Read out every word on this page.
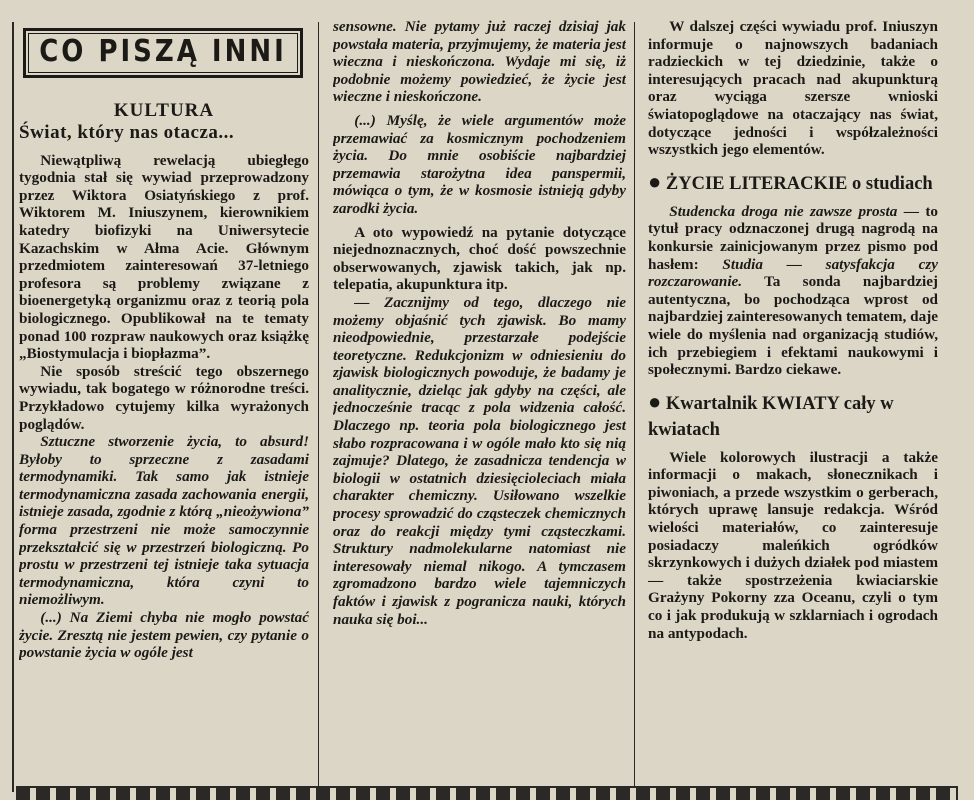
CO PISZĄ INNI
KULTURA
Świat, który nas otacza...

Niewątpliwą rewelacją ubiegłego tygodnia stał się wywiad przeprowadzony przez Wiktora Osiatyńskiego z prof. Wiktorem M. Iniuszynem, kierownikiem katedry biofizyki na Uniwersytecie Kazachskim w Ałma Acie. Głównym przedmiotem zainteresowań 37-letniego profesora są problemy związane z bioenergetyką organizmu oraz z teorią pola biologicznego. Opublikował na te tematy ponad 100 rozpraw naukowych oraz książkę „Biostymulacja i biopłazma”.

Nie sposób streścić tego obszernego wywiadu, tak bogatego w różnorodne treści. Przykładowo cytujemy kilka wyrażonych poglądów.

Sztuczne stworzenie życia, to absurd! Byłoby to sprzeczne z zasadami termodynamiki. Tak samo jak istnieje termodynamiczna zasada zachowania energii, istnieje zasada, zgodnie z którą „nieożywiona” forma przestrzeni nie może samoczynnie przekształcić się w przestrzeń biologiczną. Po prostu w przestrzeni tej istnieje taka sytuacja termodynamiczna, która czyni to niemożliwym.

(...) Na Ziemi chyba nie mogło powstać życie. Zresztą nie jestem pewien, czy pytanie o powstanie życia w ogóle jest

sensowne. Nie pytamy już raczej dzisiaj jak powstała materia, przyjmujemy, że materia jest wieczna i nieskończona. Wydaje mi się, iż podobnie możemy powiedzieć, że życie jest wieczne i nieskończone.

(...) Myślę, że wiele argumentów może przemawiać za kosmicznym pochodzeniem życia. Do mnie osobiście najbardziej przemawia starożytna idea panspermii, mówiąca o tym, że w kosmosie istnieją gdyby zarodki życia.

A oto wypowiedź na pytanie dotyczące niejednoznacznych, choć dość powszechnie obserwowanych, zjawisk takich, jak np. telepatia, akupunktura itp.

— Zacznijmy od tego, dlaczego nie możemy objaśnić tych zjawisk. Bo mamy nieodpowiednie, przestarzałe podejście teoretyczne. Redukcjonizm w odniesieniu do zjawisk biologicznych powoduje, że badamy je analitycznie, dzieląc jak gdyby na części, ale jednocześnie tracąc z pola widzenia całość. Dlaczego np. teoria pola biologicznego jest słabo rozpracowana i w ogóle mało kto się nią zajmuje? Dlatego, że zasadnicza tendencja w biologii w ostatnich dziesięcioleciach miała charakter chemiczny. Usiłowano wszelkie procesy sprowadzić do cząsteczek chemicznych oraz do reakcji między tymi cząsteczkami. Struktury nadmolekularne natomiast nie interesowały niemal nikogo. A tymczasem zgromadzono bardzo wiele tajemniczych faktów i zjawisk z pogranicza nauki, których nauka się boi...

W dalszej części wywiadu prof. Iniuszyn informuje o najnowszych badaniach radzieckich w tej dziedzinie, także o interesujących pracach nad akupunkturą oraz wyciąga szersze wnioski światopoglądowe na otaczający nas świat, dotyczące jedności i współzależności wszystkich jego elementów.

● ŻYCIE LITERACKIE o studiach

Studencka droga nie zawsze prosta — to tytuł pracy odznaczonej drugą nagrodą na konkursie zainicjowanym przez pismo pod hasłem: Studia — satysfakcja czy rozczarowanie. Ta sonda najbardziej autentyczna, bo pochodząca wprost od najbardziej zainteresowanych tematem, daje wiele do myślenia nad organizacją studiów, ich przebiegiem i efektami naukowymi i społecznymi. Bardzo ciekawe.

● Kwartalnik KWIATY cały w kwiatach

Wiele kolorowych ilustracji a także informacji o makach, słonecznikach i piwoniach, a przede wszystkim o gerberach, których uprawę lansuje redakcja. Wśród wielości materiałów, co zainteresuje posiadaczy maleńkich ogródków skrzynkowych i dużych działek pod miastem — także spostrzeżenia kwiaciarskie Grażyny Pokorny zza Oceanu, czyli o tym co i jak produkują w szklarniach i ogrodach na antypodach.
